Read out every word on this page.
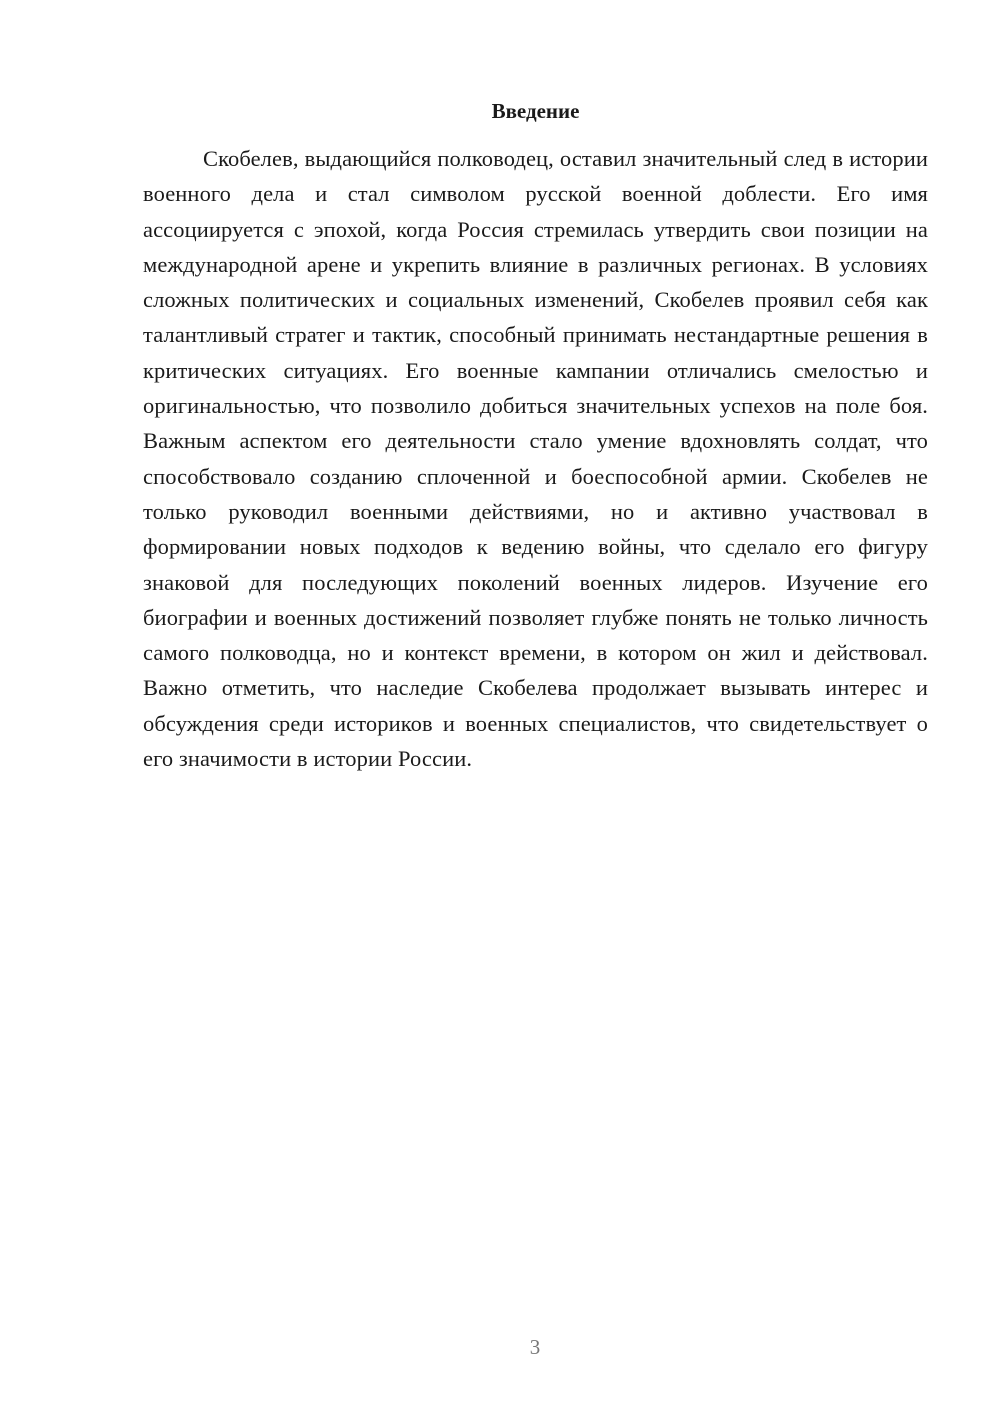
Введение

Скобелев, выдающийся полководец, оставил значительный след в истории военного дела и стал символом русской военной доблести. Его имя ассоциируется с эпохой, когда Россия стремилась утвердить свои позиции на международной арене и укрепить влияние в различных регионах. В условиях сложных политических и социальных изменений, Скобелев проявил себя как талантливый стратег и тактик, способный принимать нестандартные решения в критических ситуациях. Его военные кампании отличались смелостью и оригинальностью, что позволило добиться значительных успехов на поле боя. Важным аспектом его деятельности стало умение вдохновлять солдат, что способствовало созданию сплоченной и боеспособной армии. Скобелев не только руководил военными действиями, но и активно участвовал в формировании новых подходов к ведению войны, что сделало его фигуру знаковой для последующих поколений военных лидеров. Изучение его биографии и военных достижений позволяет глубже понять не только личность самого полководца, но и контекст времени, в котором он жил и действовал. Важно отметить, что наследие Скобелева продолжает вызывать интерес и обсуждения среди историков и военных специалистов, что свидетельствует о его значимости в истории России.

3
